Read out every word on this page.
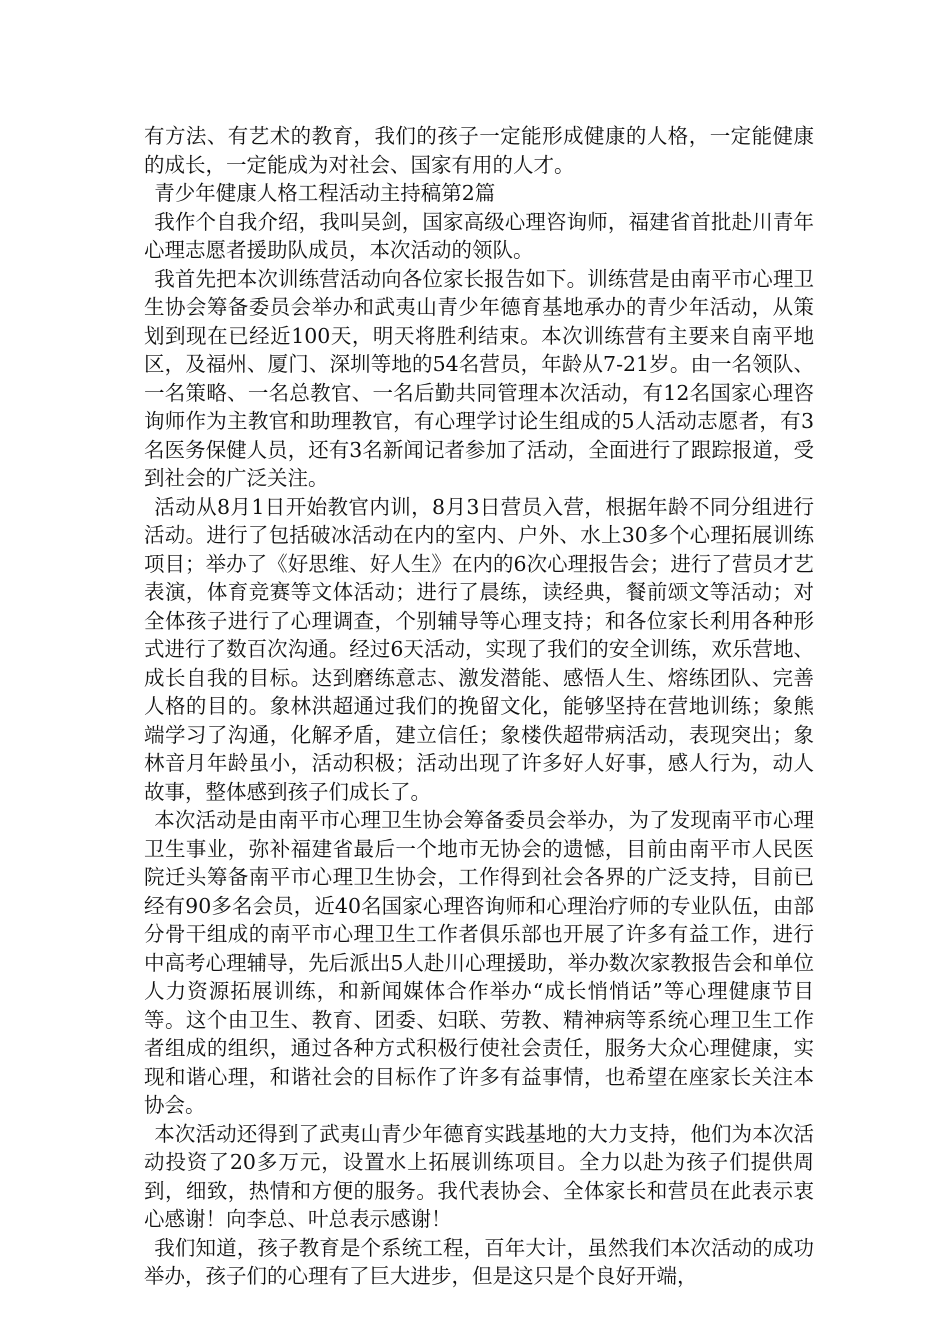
有方法、有艺术的教育，我们的孩子一定能形成健康的人格，一定能健康的成长，一定能成为对社会、国家有用的人才。

青少年健康人格工程活动主持稿第2篇

我作个自我介绍，我叫吴剑，国家高级心理咨询师，福建省首批赴川青年心理志愿者援助队成员，本次活动的领队。

我首先把本次训练营活动向各位家长报告如下。训练营是由南平市心理卫生协会筹备委员会举办和武夷山青少年德育基地承办的青少年活动，从策划到现在已经近100天，明天将胜利结束。本次训练营有主要来自南平地区，及福州、厦门、深圳等地的54名营员，年龄从7-21岁。由一名领队、一名策略、一名总教官、一名后勤共同管理本次活动，有12名国家心理咨询师作为主教官和助理教官，有心理学讨论生组成的5人活动志愿者，有3名医务保健人员，还有3名新闻记者参加了活动，全面进行了跟踪报道，受到社会的广泛关注。

活动从8月1日开始教官内训，8月3日营员入营，根据年龄不同分组进行活动。进行了包括破冰活动在内的室内、户外、水上30多个心理拓展训练项目；举办了《好思维、好人生》在内的6次心理报告会；进行了营员才艺表演，体育竞赛等文体活动；进行了晨练，读经典，餐前颂文等活动；对全体孩子进行了心理调查，个别辅导等心理支持；和各位家长利用各种形式进行了数百次沟通。经过6天活动，实现了我们的安全训练，欢乐营地、成长自我的目标。达到磨练意志、激发潜能、感悟人生、熔练团队、完善人格的目的。象林洪超通过我们的挽留文化，能够坚持在营地训练；象熊端学习了沟通，化解矛盾，建立信任；象楼佚超带病活动，表现突出；象林音月年龄虽小，活动积极；活动出现了许多好人好事，感人行为，动人故事，整体感到孩子们成长了。

本次活动是由南平市心理卫生协会筹备委员会举办，为了发现南平市心理卫生事业，弥补福建省最后一个地市无协会的遗憾，目前由南平市人民医院迁头筹备南平市心理卫生协会，工作得到社会各界的广泛支持，目前已经有90多名会员，近40名国家心理咨询师和心理治疗师的专业队伍，由部分骨干组成的南平市心理卫生工作者俱乐部也开展了许多有益工作，进行中高考心理辅导，先后派出5人赴川心理援助，举办数次家教报告会和单位人力资源拓展训练，和新闻媒体合作举办“成长悄悄话”等心理健康节目等。这个由卫生、教育、团委、妇联、劳教、精神病等系统心理卫生工作者组成的组织，通过各种方式积极行使社会责任，服务大众心理健康，实现和谐心理，和谐社会的目标作了许多有益事情，也希望在座家长关注本协会。

本次活动还得到了武夷山青少年德育实践基地的大力支持，他们为本次活动投资了20多万元，设置水上拓展训练项目。全力以赴为孩子们提供周到，细致，热情和方便的服务。我代表协会、全体家长和营员在此表示衷心感谢！向李总、叶总表示感谢！

我们知道，孩子教育是个系统工程，百年大计，虽然我们本次活动的成功举办，孩子们的心理有了巨大进步，但是这只是个良好开端，
